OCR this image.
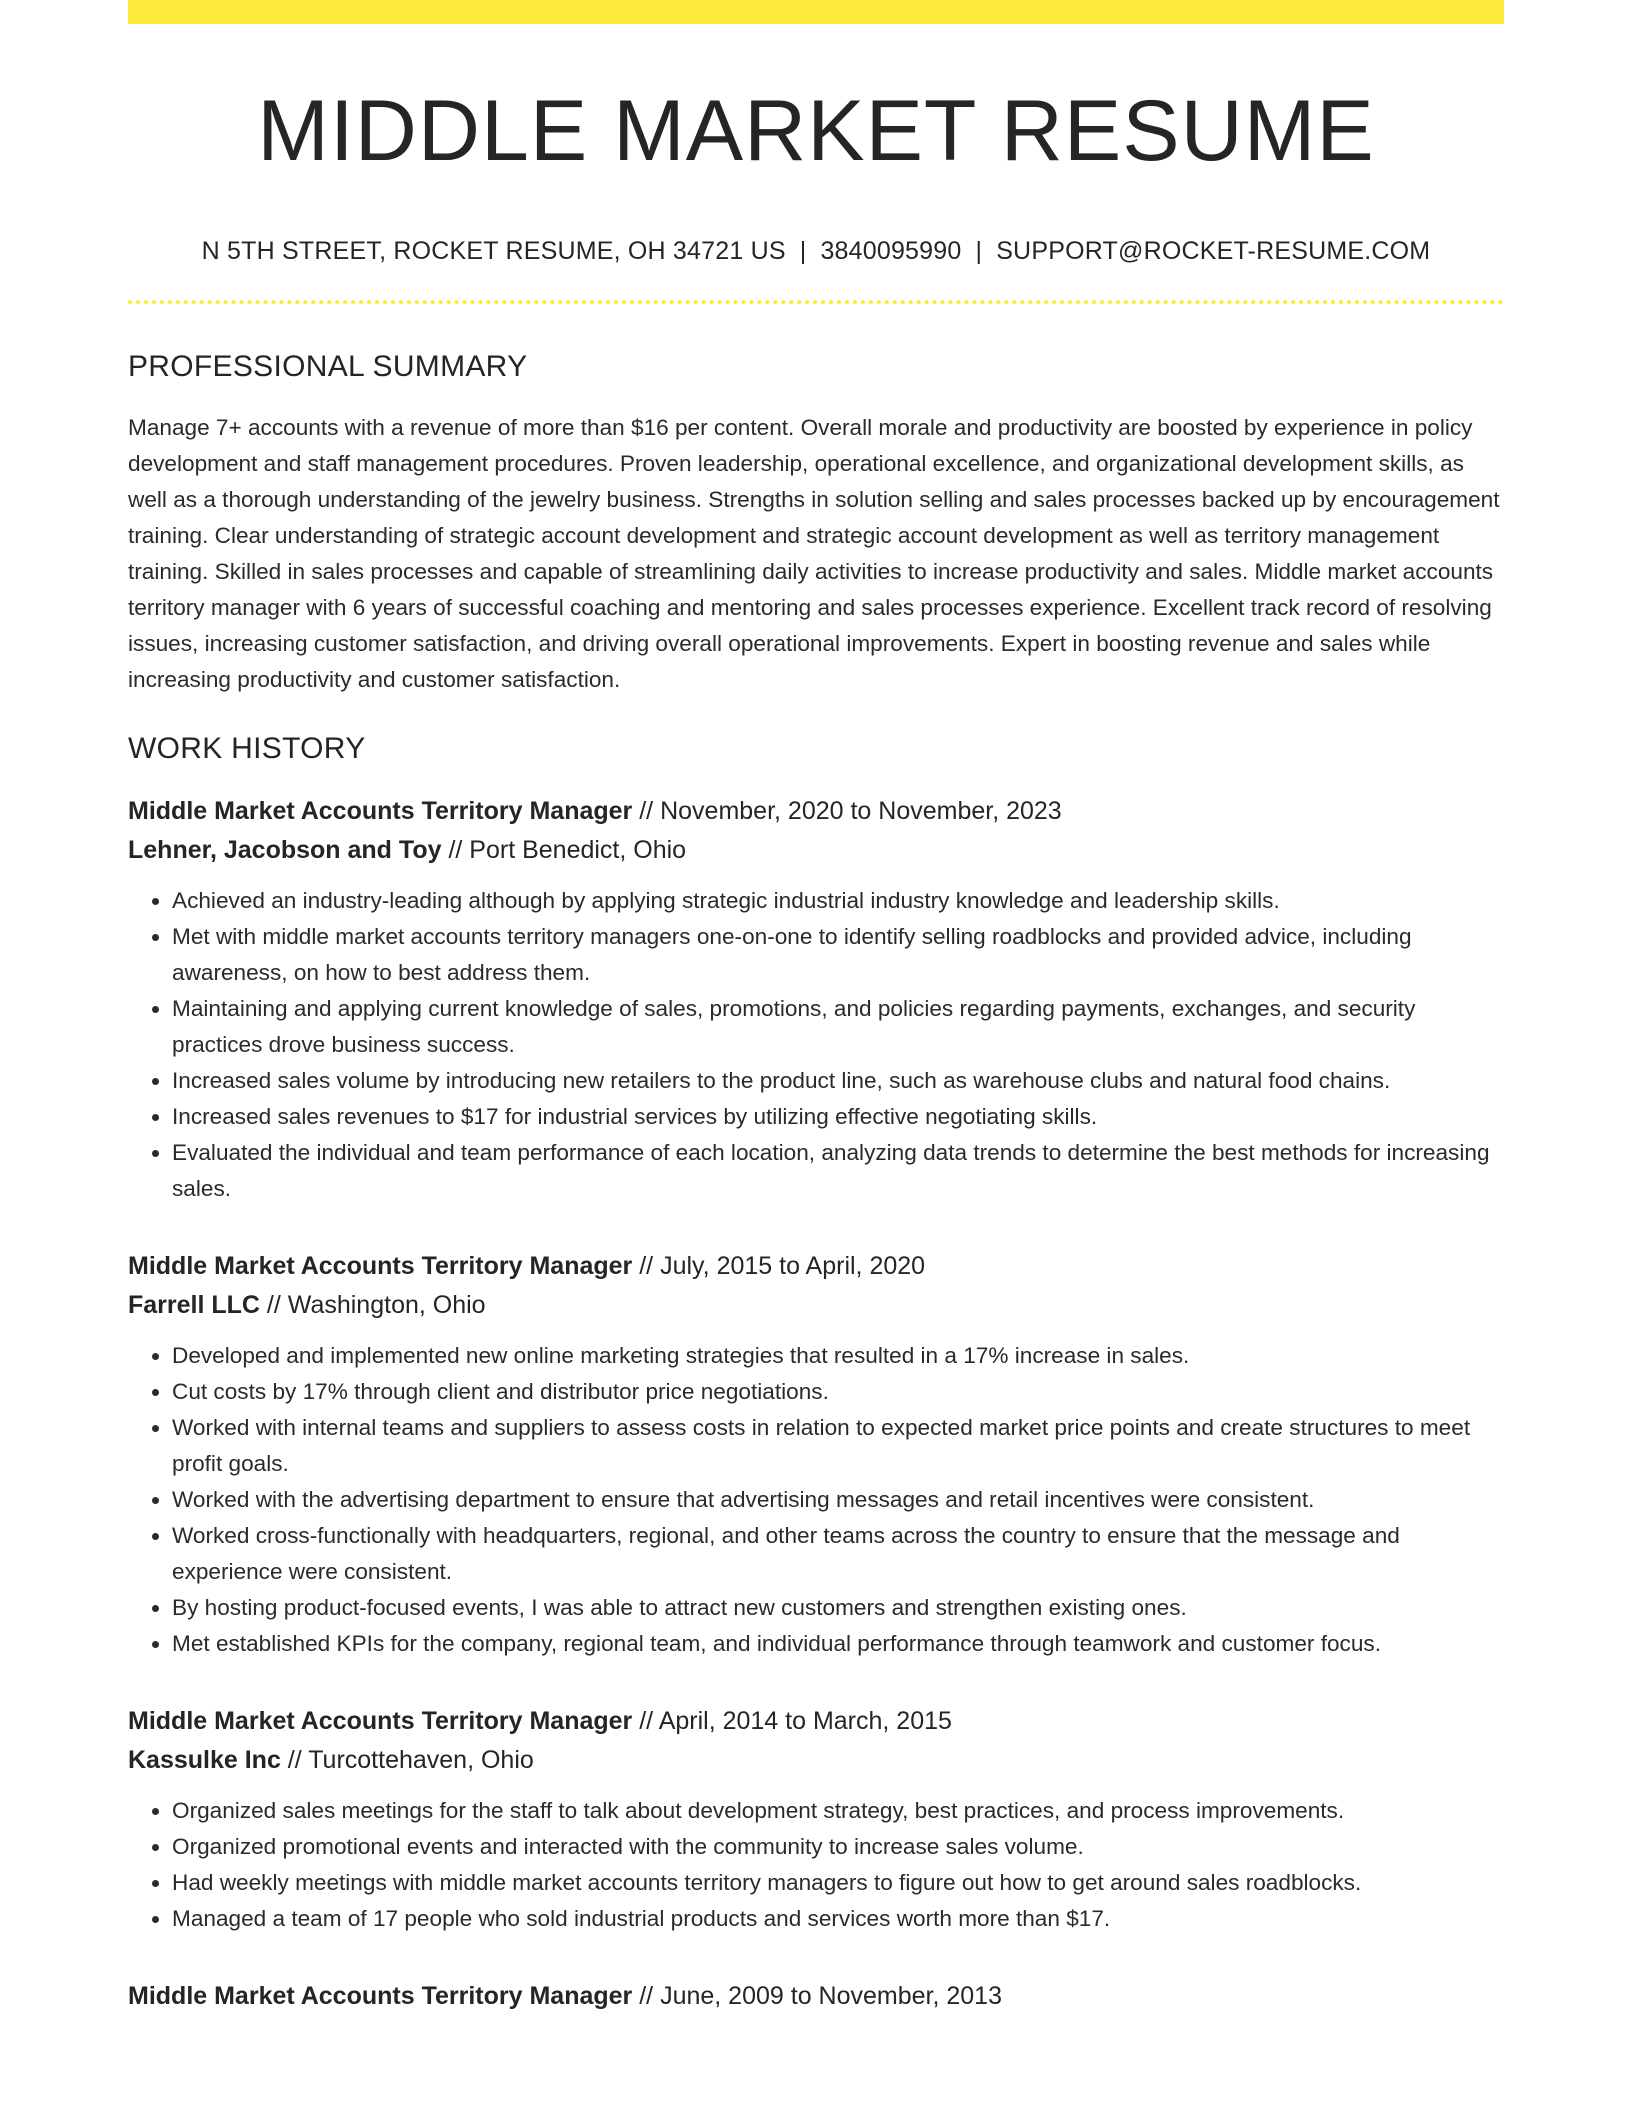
MIDDLE MARKET RESUME
N 5TH STREET, ROCKET RESUME, OH 34721 US | 3840095990 | SUPPORT@ROCKET-RESUME.COM
PROFESSIONAL SUMMARY

Manage 7+ accounts with a revenue of more than $16 per content. Overall morale and productivity are boosted by experience in policy development and staff management procedures. Proven leadership, operational excellence, and organizational development skills, as well as a thorough understanding of the jewelry business. Strengths in solution selling and sales processes backed up by encouragement training. Clear understanding of strategic account development and strategic account development as well as territory management training. Skilled in sales processes and capable of streamlining daily activities to increase productivity and sales. Middle market accounts territory manager with 6 years of successful coaching and mentoring and sales processes experience. Excellent track record of resolving issues, increasing customer satisfaction, and driving overall operational improvements. Expert in boosting revenue and sales while increasing productivity and customer satisfaction.

WORK HISTORY
Middle Market Accounts Territory Manager // November, 2020 to November, 2023
Lehner, Jacobson and Toy // Port Benedict, Ohio
• Achieved an industry-leading although by applying strategic industrial industry knowledge and leadership skills.
• Met with middle market accounts territory managers one-on-one to identify selling roadblocks and provided advice, including awareness, on how to best address them.
• Maintaining and applying current knowledge of sales, promotions, and policies regarding payments, exchanges, and security practices drove business success.
• Increased sales volume by introducing new retailers to the product line, such as warehouse clubs and natural food chains.
• Increased sales revenues to $17 for industrial services by utilizing effective negotiating skills.
• Evaluated the individual and team performance of each location, analyzing data trends to determine the best methods for increasing sales.
Middle Market Accounts Territory Manager // July, 2015 to April, 2020
Farrell LLC // Washington, Ohio
• Developed and implemented new online marketing strategies that resulted in a 17% increase in sales.
• Cut costs by 17% through client and distributor price negotiations.
• Worked with internal teams and suppliers to assess costs in relation to expected market price points and create structures to meet profit goals.
• Worked with the advertising department to ensure that advertising messages and retail incentives were consistent.
• Worked cross-functionally with headquarters, regional, and other teams across the country to ensure that the message and experience were consistent.
• By hosting product-focused events, I was able to attract new customers and strengthen existing ones.
• Met established KPIs for the company, regional team, and individual performance through teamwork and customer focus.
Middle Market Accounts Territory Manager // April, 2014 to March, 2015
Kassulke Inc // Turcottehaven, Ohio
• Organized sales meetings for the staff to talk about development strategy, best practices, and process improvements.
• Organized promotional events and interacted with the community to increase sales volume.
• Had weekly meetings with middle market accounts territory managers to figure out how to get around sales roadblocks.
• Managed a team of 17 people who sold industrial products and services worth more than $17.
Middle Market Accounts Territory Manager // June, 2009 to November, 2013
